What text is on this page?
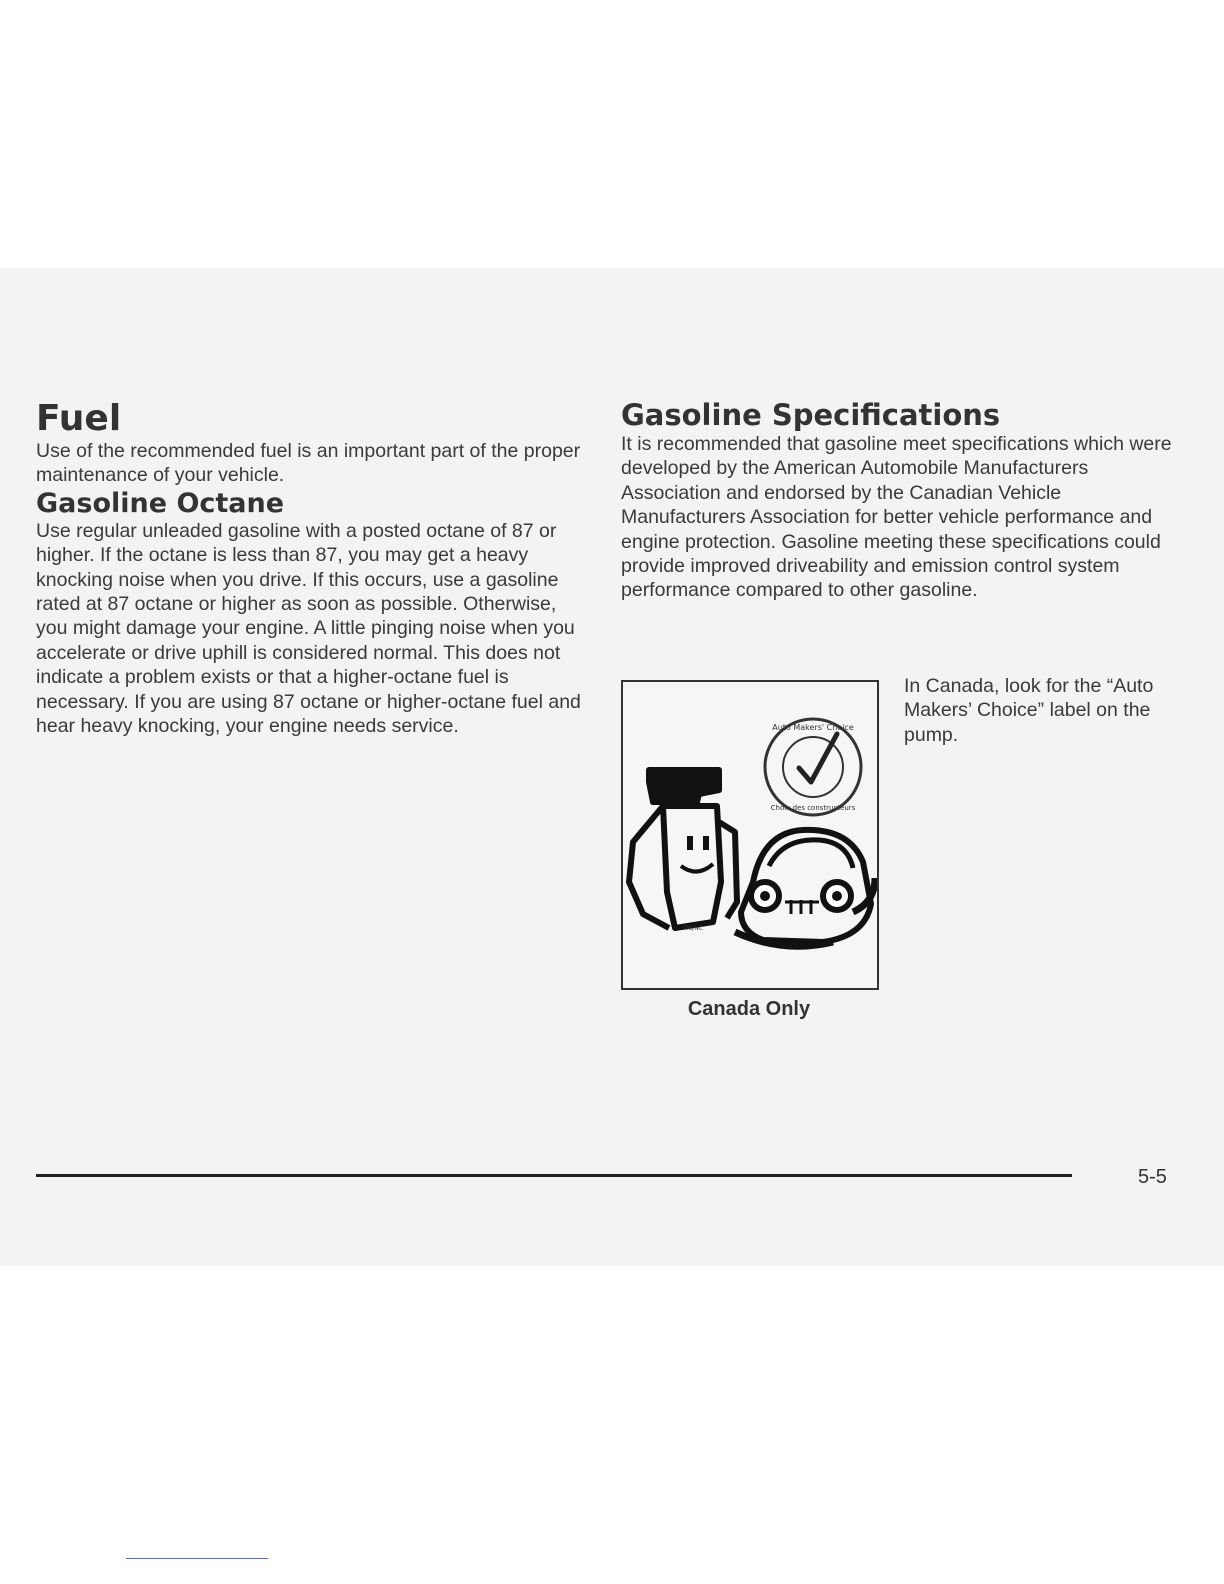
Fuel

Use of the recommended fuel is an important part of the proper maintenance of your vehicle.

Gasoline Octane

Use regular unleaded gasoline with a posted octane of 87 or higher. If the octane is less than 87, you may get a heavy knocking noise when you drive. If this occurs, use a gasoline rated at 87 octane or higher as soon as possible. Otherwise, you might damage your engine. A little pinging noise when you accelerate or drive uphill is considered normal. This does not indicate a problem exists or that a higher-octane fuel is necessary. If you are using 87 octane or higher-octane fuel and hear heavy knocking, your engine needs service.

Gasoline Specifications

It is recommended that gasoline meet specifications which were developed by the American Automobile Manufacturers Association and endorsed by the Canadian Vehicle Manufacturers Association for better vehicle performance and engine protection. Gasoline meeting these specifications could provide improved driveability and emission control system performance compared to other gasoline.

Auto Makers' Choice
Choix des constructeurs
YI8/NC
Canada Only

In Canada, look for the “Auto Makers’ Choice” label on the pump.

5-5
